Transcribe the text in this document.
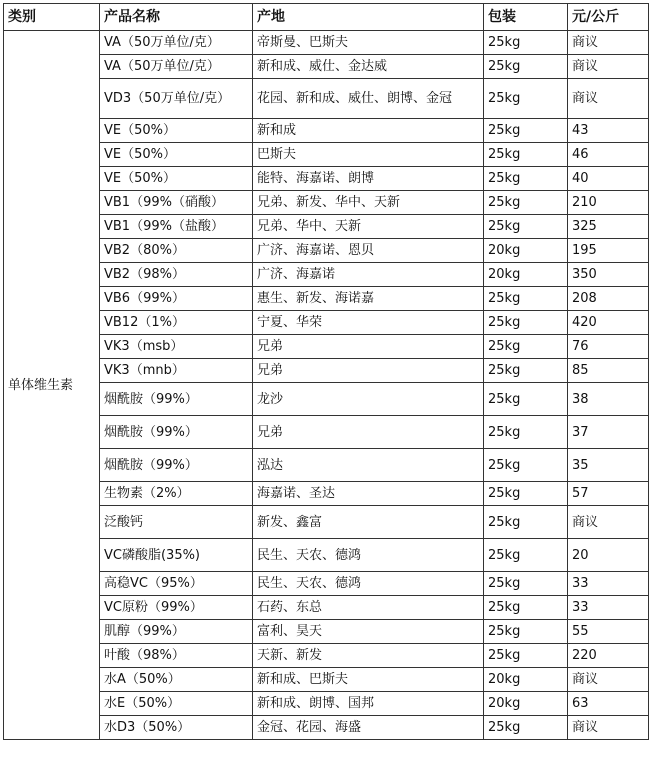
类别	产品名称	产地	包装	元/公斤
单体维生素	VA（50万单位/克）	帝斯曼、巴斯夫	25kg	商议
	VA（50万单位/克）	新和成、威仕、金达威	25kg	商议
	VD3（50万单位/克）	花园、新和成、威仕、朗博、金冠	25kg	商议
	VE（50%）	新和成	25kg	43
	VE（50%）	巴斯夫	25kg	46
	VE（50%）	能特、海嘉诺、朗博	25kg	40
	VB1（99%（硝酸）	兄弟、新发、华中、天新	25kg	210
	VB1（99%（盐酸）	兄弟、华中、天新	25kg	325
	VB2（80%）	广济、海嘉诺、恩贝	20kg	195
	VB2（98%）	广济、海嘉诺	20kg	350
	VB6（99%）	惠生、新发、海诺嘉	25kg	208
	VB12（1%）	宁夏、华荣	25kg	420
	VK3（msb）	兄弟	25kg	76
	VK3（mnb）	兄弟	25kg	85
	烟酰胺（99%）	龙沙	25kg	38
	烟酰胺（99%）	兄弟	25kg	37
	烟酰胺（99%）	泓达	25kg	35
	生物素（2%）	海嘉诺、圣达	25kg	57
	泛酸钙	新发、鑫富	25kg	商议
	VC磷酸脂(35%)	民生、天农、德鸿	25kg	20
	高稳VC（95%）	民生、天农、德鸿	25kg	33
	VC原粉（99%）	石药、东总	25kg	33
	肌醇（99%）	富利、昊天	25kg	55
	叶酸（98%）	天新、新发	25kg	220
	水A（50%）	新和成、巴斯夫	20kg	商议
	水E（50%）	新和成、朗博、国邦	20kg	63
	水D3（50%）	金冠、花园、海盛	25kg	商议
